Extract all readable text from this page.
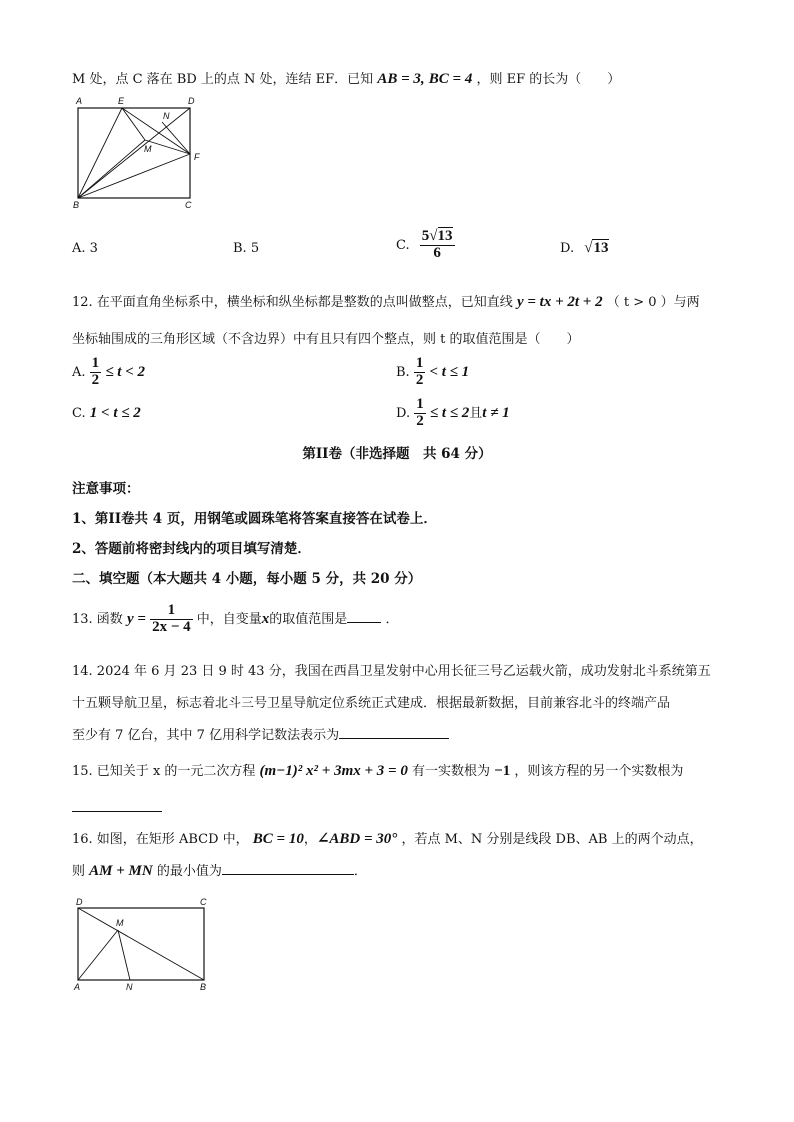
M 处，点 C 落在 BD 上的点 N 处，连结 EF．已知 AB = 3, BC = 4 ，则 EF 的长为（　　）
A	E	D
N
M
F
B	C
A. 3	B. 5	C. $\frac{5√13}{6}$	D. √13
12. 在平面直角坐标系中，横坐标和纵坐标都是整数的点叫做整点，已知直线 y = tx + 2t + 2 （ t > 0 ）与两
坐标轴围成的三角形区域（不含边界）中有且只有四个整点，则 t 的取值范围是（　　）
A. $\frac{1}{2} \le t < 2$	B. $\frac{1}{2} < t \le 1$
C. 1 < t ≤ 2	D. $\frac{1}{2} \le t \le 2$且t ≠ 1
第II卷（非选择题　共 64 分）
注意事项：
1、第II卷共 4 页，用钢笔或圆珠笔将答案直接答在试卷上．
2、答题前将密封线内的项目填写清楚．
二、填空题（本大题共 4 小题，每小题 5 分，共 20 分）
13. 函数 $y = \frac{1}{2x - 4}$ 中，自变量x的取值范围是	．
14. 2024 年 6 月 23 日 9 时 43 分，我国在西昌卫星发射中心用长征三号乙运载火箭，成功发射北斗系统第五
十五颗导航卫星，标志着北斗三号卫星导航定位系统正式建成．根据最新数据，目前兼容北斗的终端产品
至少有 7 亿台，其中 7 亿用科学记数法表示为
15. 已知关于 x 的一元二次方程 (m−1)² x² + 3mx + 3 = 0 有一实数根为 −1 ，则该方程的另一个实数根为
16. 如图，在矩形 ABCD 中， BC = 10，∠ABD = 30° ，若点 M、N 分别是线段 DB、AB 上的两个动点，
则 AM + MN 的最小值为	．
D	C
M
A	N	B
